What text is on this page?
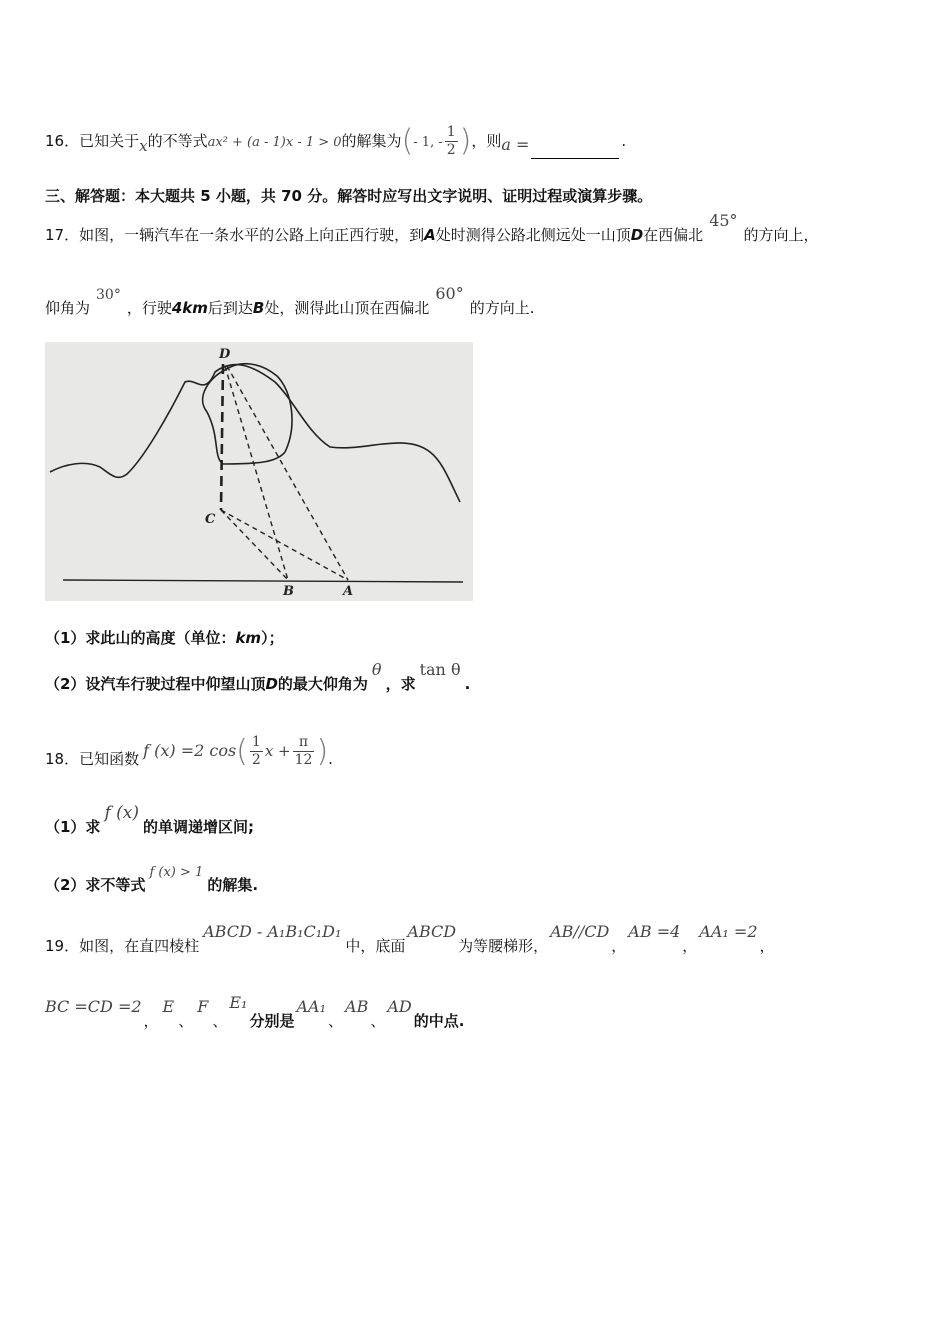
16．已知关于x的不等式ax² + (a - 1)x - 1 > 0的解集为(- 1, - $\frac{1}{2}$ )，则a =	.
三、解答题：本大题共 5 小题，共 70 分。解答时应写出文字说明、证明过程或演算步骤。
17．如图，一辆汽车在一条水平的公路上向正西行驶，到A处时测得公路北侧远处一山顶D在西偏北45°的方向上，
仰角为30°，行驶4km后到达B处，测得此山顶在西偏北60°的方向上.
D
C
B	A
（1）求此山的高度（单位：km）；
（2）设汽车行驶过程中仰望山顶D的最大仰角为θ，求tan θ.
18．已知函数 f (x) =2 $\cos( \frac{1}{2}$ $x + \frac{\pi}{12}$ ).
（1）求f (x)的单调递增区间;
（2）求不等式f (x) > 1的解集.
19．如图，在直四棱柱ABCD - A₁B₁C₁D₁中，底面ABCD为等腰梯形，AB//CD，AB =4，AA₁ =2，
BC =CD =2，E、F、E₁分别是AA₁、AB、AD的中点.
